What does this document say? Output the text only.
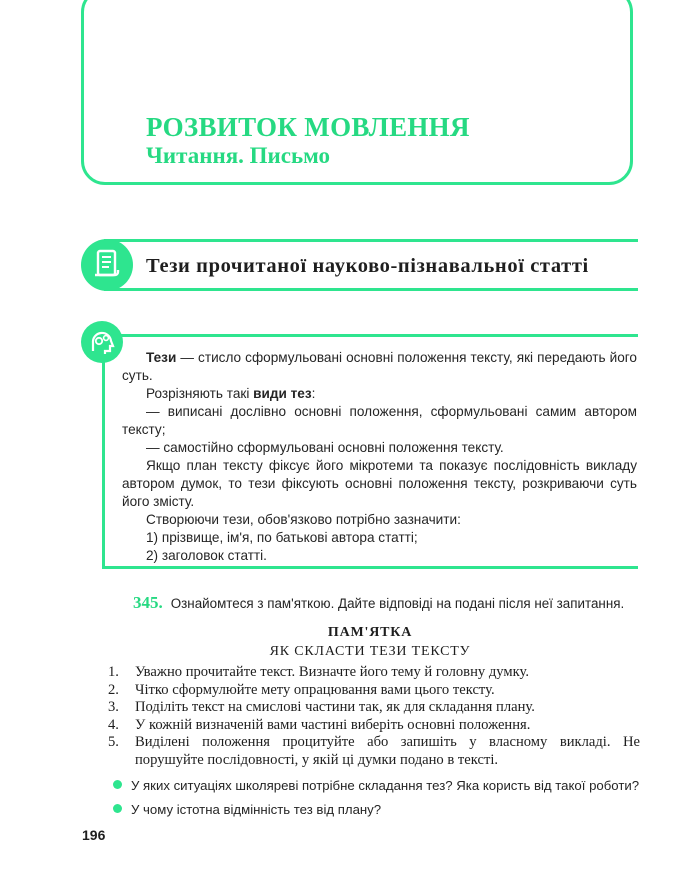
РОЗВИТОК МОВЛЕННЯ
Читання. Письмо
Тези прочитаної науково-пізнавальної статті

Тези — стисло сформульовані основні положення тексту, які передають його суть.

Розрізняють такі види тез:

— виписані дослівно основні положення, сформульовані самим автором тексту;

— самостійно сформульовані основні положення тексту.

Якщо план тексту фіксує його мікротеми та показує послідовність викладу автором думок, то тези фіксують основні положення тексту, розкриваючи суть його змісту.

Створюючи тези, обов'язково потрібно зазначити:

1) прізвище, ім'я, по батькові автора статті;

2) заголовок статті.

345. Ознайомтеся з пам'яткою. Дайте відповіді на подані після неї запитання.
ПАМ'ЯТКА
ЯК СКЛАСТИ ТЕЗИ ТЕКСТУ
1. Уважно прочитайте текст. Визначте його тему й головну думку.
2. Чітко сформулюйте мету опрацювання вами цього тексту.
3. Поділіть текст на смислові частини так, як для складання плану.
4. У кожній визначеній вами частині виберіть основні положення.
5. Виділені положення процитуйте або запишіть у власному викладі. Не порушуйте послідовності, у якій ці думки подано в тексті.
У яких ситуаціях школяреві потрібне складання тез? Яка користь від такої роботи?
У чому істотна відмінність тез від плану?
196
